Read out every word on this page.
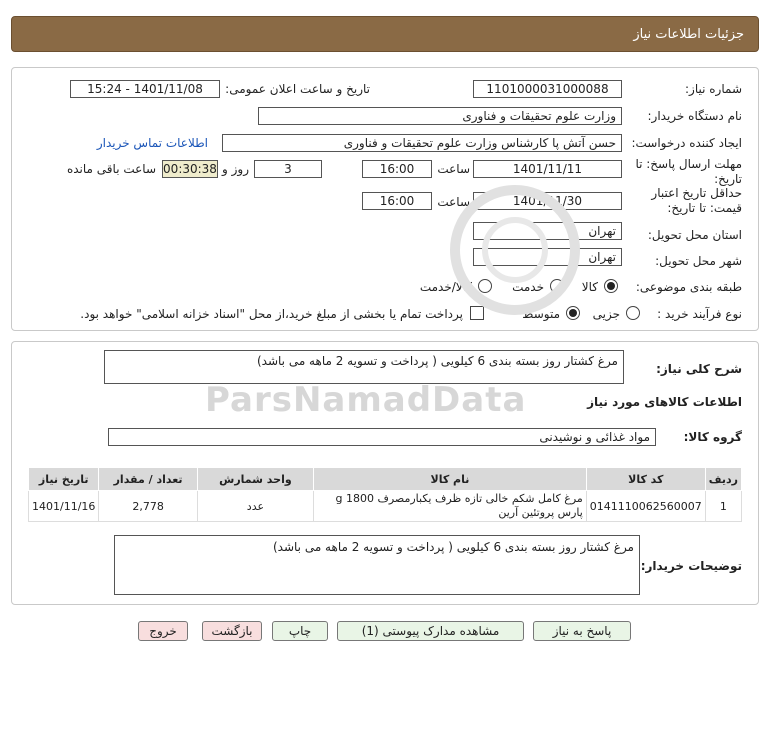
جزئیات اطلاعات نیاز
شماره نیاز:
1101000031000088
تاریخ و ساعت اعلان عمومی:
1401/11/08 - 15:24
نام دستگاه خریدار:
وزارت علوم تحقیقات و فناوری
ایجاد کننده درخواست:
حسن آتش پا کارشناس وزارت علوم تحقیقات و فناوری
اطلاعات تماس خریدار
مهلت ارسال پاسخ: تا
تاریخ:
1401/11/11
ساعت
16:00
3
روز و
00:30:38
ساعت باقی مانده
حداقل تاریخ اعتبار
قیمت: تا تاریخ:
1401/11/30
ساعت
16:00
استان محل تحویل:
تهران
شهر محل تحویل:
تهران
طبقه بندی موضوعی:
کالا
خدمت
کالا/خدمت
نوع فرآیند خرید :
جزیی
متوسط
پرداخت تمام یا بخشی از مبلغ خرید،از محل "اسناد خزانه اسلامی" خواهد بود.
شرح کلی نیاز:
مرغ کشتار روز بسته بندی 6 کیلویی ( پرداخت و تسویه 2 ماهه می باشد)
اطلاعات کالاهای مورد نیاز
گروه کالا:
مواد غذائی و نوشیدنی
ردیف	کد کالا	نام کالا	واحد شمارش	تعداد / مقدار	تاریخ نیاز
1	0141110062560007	مرغ کامل شکم خالی تازه ظرف یکبارمصرف 1800 g پارس پروتئین آرین	عدد	2,778	1401/11/16
توضیحات خریدار:
مرغ کشتار روز بسته بندی 6 کیلویی ( پرداخت و تسویه 2 ماهه می باشد)
ParsNamadData
پاسخ به نیاز
مشاهده مدارک پیوستی (1)
چاپ
بازگشت
خروج
